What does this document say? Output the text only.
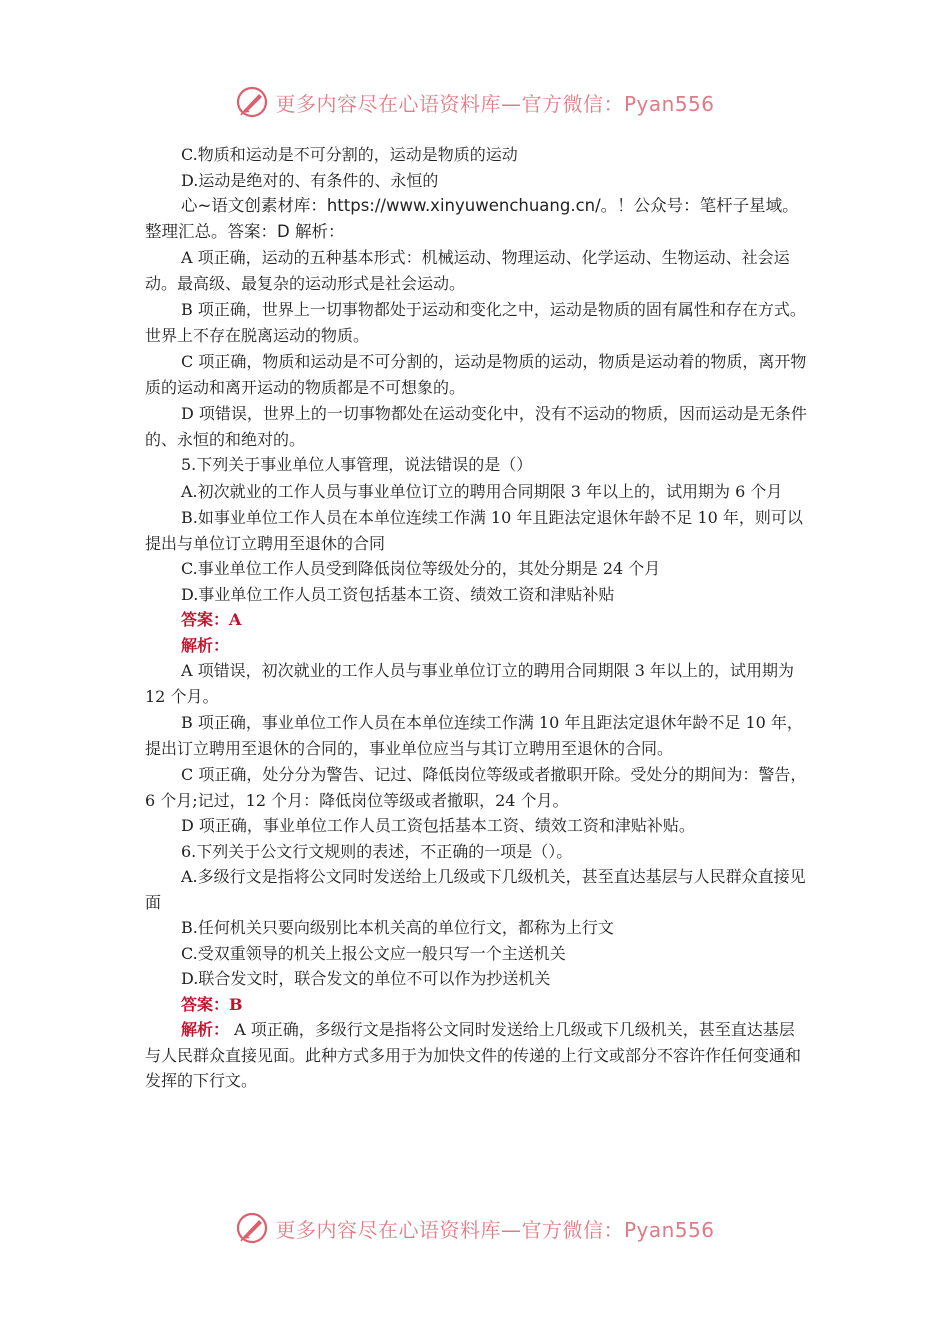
更多内容尽在心语资料库—官方微信：Pyan556

C.物质和运动是不可分割的，运动是物质的运动

D.运动是绝对的、有条件的、永恒的

心~语文创素材库：https://www.xinyuwenchuang.cn/。！公众号：笔杆子星域。整理汇总。答案：D 解析：

A 项正确，运动的五种基本形式：机械运动、物理运动、化学运动、生物运动、社会运动。最高级、最复杂的运动形式是社会运动。

B 项正确，世界上一切事物都处于运动和变化之中，运动是物质的固有属性和存在方式。世界上不存在脱离运动的物质。

C 项正确，物质和运动是不可分割的，运动是物质的运动，物质是运动着的物质，离开物质的运动和离开运动的物质都是不可想象的。

D 项错误，世界上的一切事物都处在运动变化中，没有不运动的物质，因而运动是无条件的、永恒的和绝对的。

5.下列关于事业单位人事管理，说法错误的是（）

A.初次就业的工作人员与事业单位订立的聘用合同期限 3 年以上的，试用期为 6 个月

B.如事业单位工作人员在本单位连续工作满 10 年且距法定退休年龄不足 10 年，则可以提出与单位订立聘用至退休的合同

C.事业单位工作人员受到降低岗位等级处分的，其处分期是 24 个月

D.事业单位工作人员工资包括基本工资、绩效工资和津贴补贴

答案：A

解析：

A 项错误，初次就业的工作人员与事业单位订立的聘用合同期限 3 年以上的，试用期为 12 个月。

B 项正确，事业单位工作人员在本单位连续工作满 10 年且距法定退休年龄不足 10 年，提出订立聘用至退休的合同的，事业单位应当与其订立聘用至退休的合同。

C 项正确，处分分为警告、记过、降低岗位等级或者撤职开除。受处分的期间为：警告，6 个月;记过，12 个月：降低岗位等级或者撤职，24 个月。

D 项正确，事业单位工作人员工资包括基本工资、绩效工资和津贴补贴。

6.下列关于公文行文规则的表述，不正确的一项是（）。

A.多级行文是指将公文同时发送给上几级或下几级机关，甚至直达基层与人民群众直接见面

B.任何机关只要向级别比本机关高的单位行文，都称为上行文

C.受双重领导的机关上报公文应一般只写一个主送机关

D.联合发文时，联合发文的单位不可以作为抄送机关

答案：B

解析： A 项正确，多级行文是指将公文同时发送给上几级或下几级机关，甚至直达基层与人民群众直接见面。此种方式多用于为加快文件的传递的上行文或部分不容许作任何变通和发挥的下行文。

更多内容尽在心语资料库—官方微信：Pyan556
